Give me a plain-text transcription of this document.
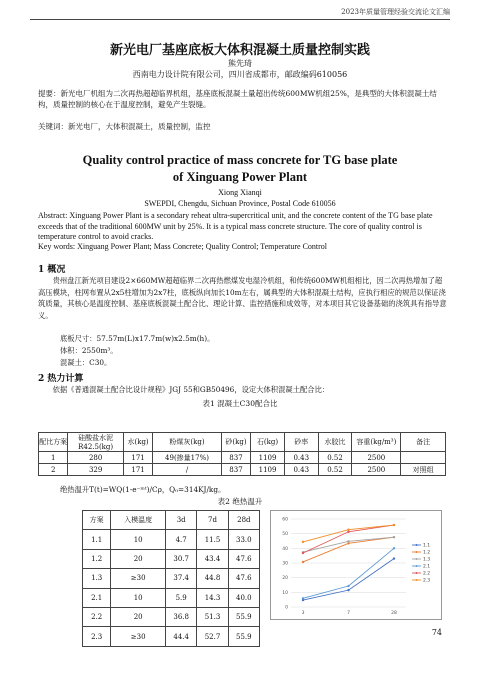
2023年质量管理经验交流论文汇编
新光电厂基座底板大体积混凝土质量控制实践
熊先琦
西南电力设计院有限公司，四川省成都市，邮政编码610056
提要：新光电厂机组为二次再热超超临界机组，基座底板混凝土量超出传统600MW机组25%，是典型的大体积混凝土结构，质量控制的核心在于温度控制，避免产生裂缝。
关键词：新光电厂，大体积混凝土，质量控制，监控
Quality control practice of mass concrete for TG base plate
of Xinguang Power Plant
Xiong Xianqi
SWEPDI, Chengdu, Sichuan Province, Postal Code 610056
Abstract: Xinguang Power Plant is a secondary reheat ultra-supercritical unit, and the concrete content of the TG base plate exceeds that of the traditional 600MW unit by 25%. It is a typical mass concrete structure. The core of quality control is temperature control to avoid cracks.
Key words: Xinguang Power Plant; Mass Concrete; Quality Control; Temperature Control
1 概况
贵州盘江新光项目建设2×660MW超超临界二次再热燃煤发电湿冷机组，和传统600MW机组相比，因二次再热增加了超高压模块，柱网布置从2x5柱增加为2x7柱，底板纵向加长10m左右，属典型的大体积混凝土结构，应执行相应的规范以保证浇筑质量，其核心是温度控制、基座底板混凝土配合比、理论计算、监控措施和成效等，对本项目其它设备基础的浇筑具有指导意义。
底板尺寸：57.57m(L)x17.7m(w)x2.5m(h)。
体积：2550m³。
混凝土：C30。
2 热力计算
依据《普通混凝土配合比设计规程》JGJ 55和GB50496，设定大体积混凝土配合比：
表1 混凝土C30配合比
配比方案	硅酸盐水泥R42.5(kg)	水(kg)	粉煤灰(kg)	砂(kg)	石(kg)	砂率	水胶比	容重(kg/m³)	备注
1	280	171	49(掺量17%)	837	1109	0.43	0.52	2500	
2	329	171	/	837	1109	0.43	0.52	2500	对照组
绝热温升T(t)=WQ(1-e⁻ᵐᵗ)/Cρ，Q₀=314KJ/kg。
表2 绝热温升
方案	入模温度	3d	7d	28d
1.1	10	4.7	11.5	33.0
1.2	20	30.7	43.4	47.6
1.3	≥30	37.4	44.8	47.6
2.1	10	5.9	14.3	40.0
2.2	20	36.8	51.3	55.9
2.3	≥30	44.4	52.7	55.9
0
10
20
30
40
50
60
3	7	28
1.1
1.2
1.3
2.1
2.2
2.3
74
